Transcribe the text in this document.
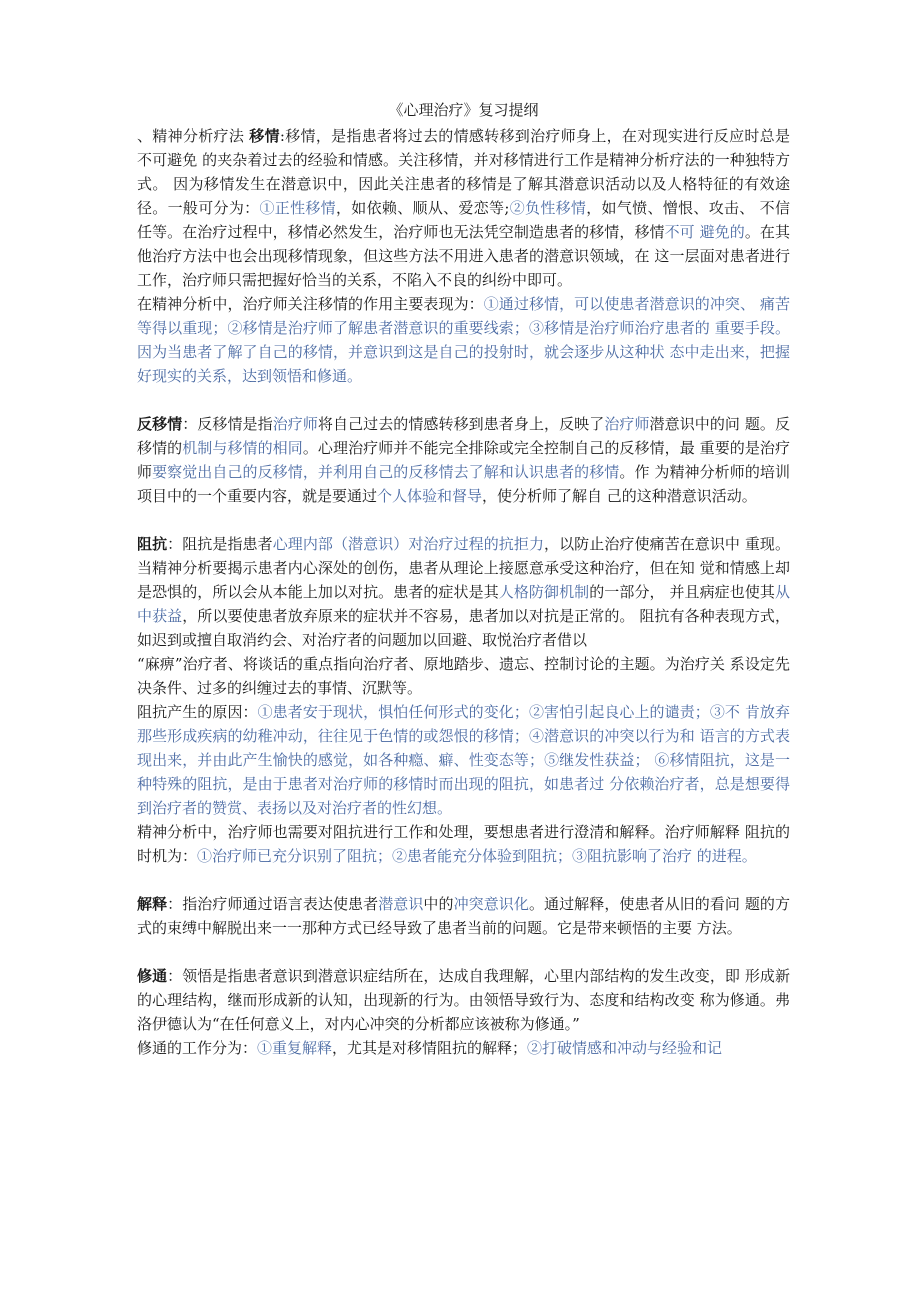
《心理治疗》复习提纲

、精神分析疗法 移情:移情，是指患者将过去的情感转移到治疗师身上，在对现实进行反应时总是不可避免 的夹杂着过去的经验和情感。关注移情，并对移情进行工作是精神分析疗法的一种独特方式。 因为移情发生在潜意识中，因此关注患者的移情是了解其潜意识活动以及人格特征的有效途 径。一般可分为：①正性移情，如依赖、顺从、爱恋等;②负性移情，如气愤、憎恨、攻击、 不信任等。在治疗过程中，移情必然发生，治疗师也无法凭空制造患者的移情，移情不可 避免的。在其他治疗方法中也会出现移情现象，但这些方法不用进入患者的潜意识领域，在 这一层面对患者进行工作，治疗师只需把握好恰当的关系，不陷入不良的纠纷中即可。

在精神分析中，治疗师关注移情的作用主要表现为：①通过移情，可以使患者潜意识的冲突、 痛苦等得以重现；②移情是治疗师了解患者潜意识的重要线索；③移情是治疗师治疗患者的 重要手段。因为当患者了解了自己的移情，并意识到这是自己的投射时，就会逐步从这种状 态中走出来，把握好现实的关系，达到领悟和修通。

反移情：反移情是指治疗师将自己过去的情感转移到患者身上，反映了治疗师潜意识中的问 题。反移情的机制与移情的相同。心理治疗师并不能完全排除或完全控制自己的反移情，最 重要的是治疗师要察觉出自己的反移情，并利用自己的反移情去了解和认识患者的移情。作 为精神分析师的培训项目中的一个重要内容，就是要通过个人体验和督导，使分析师了解自 己的这种潜意识活动。

阻抗：阻抗是指患者心理内部（潜意识）对治疗过程的抗拒力，以防止治疗使痛苦在意识中 重现。当精神分析要揭示患者内心深处的创伤，患者从理论上接愿意承受这种治疗，但在知 觉和情感上却是恐惧的，所以会从本能上加以对抗。患者的症状是其人格防御机制的一部分， 并且病症也使其从中获益，所以要使患者放弃原来的症状并不容易，患者加以对抗是正常的。 阻抗有各种表现方式，如迟到或擅自取消约会、对治疗者的问题加以回避、取悦治疗者借以

“麻痹”治疗者、将谈话的重点指向治疗者、原地踏步、遗忘、控制讨论的主题。为治疗关 系设定先决条件、过多的纠缠过去的事情、沉默等。

阻抗产生的原因：①患者安于现状，惧怕任何形式的变化；②害怕引起良心上的谴责；③不 肯放弃那些形成疾病的幼稚冲动，往往见于色情的或怨恨的移情；④潜意识的冲突以行为和 语言的方式表现出来，并由此产生愉快的感觉，如各种瘾、癖、性变态等；⑤继发性获益； ⑥移情阻抗，这是一种特殊的阻抗，是由于患者对治疗师的移情时而出现的阻抗，如患者过 分依赖治疗者，总是想要得到治疗者的赞赏、表扬以及对治疗者的性幻想。

精神分析中，治疗师也需要对阻抗进行工作和处理，要想患者进行澄清和解释。治疗师解释 阻抗的时机为：①治疗师已充分识别了阻抗；②患者能充分体验到阻抗；③阻抗影响了治疗 的进程。

解释：指治疗师通过语言表达使患者潜意识中的冲突意识化。通过解释，使患者从旧的看问 题的方式的束缚中解脱出来一一那种方式已经导致了患者当前的问题。它是带来顿悟的主要 方法。

修通：领悟是指患者意识到潜意识症结所在，达成自我理解，心里内部结构的发生改变，即 形成新的心理结构，继而形成新的认知，出现新的行为。由领悟导致行为、态度和结构改变 称为修通。弗洛伊德认为“在任何意义上，对内心冲突的分析都应该被称为修通。”

修通的工作分为：①重复解释，尤其是对移情阻抗的解释；②打破情感和冲动与经验和记
